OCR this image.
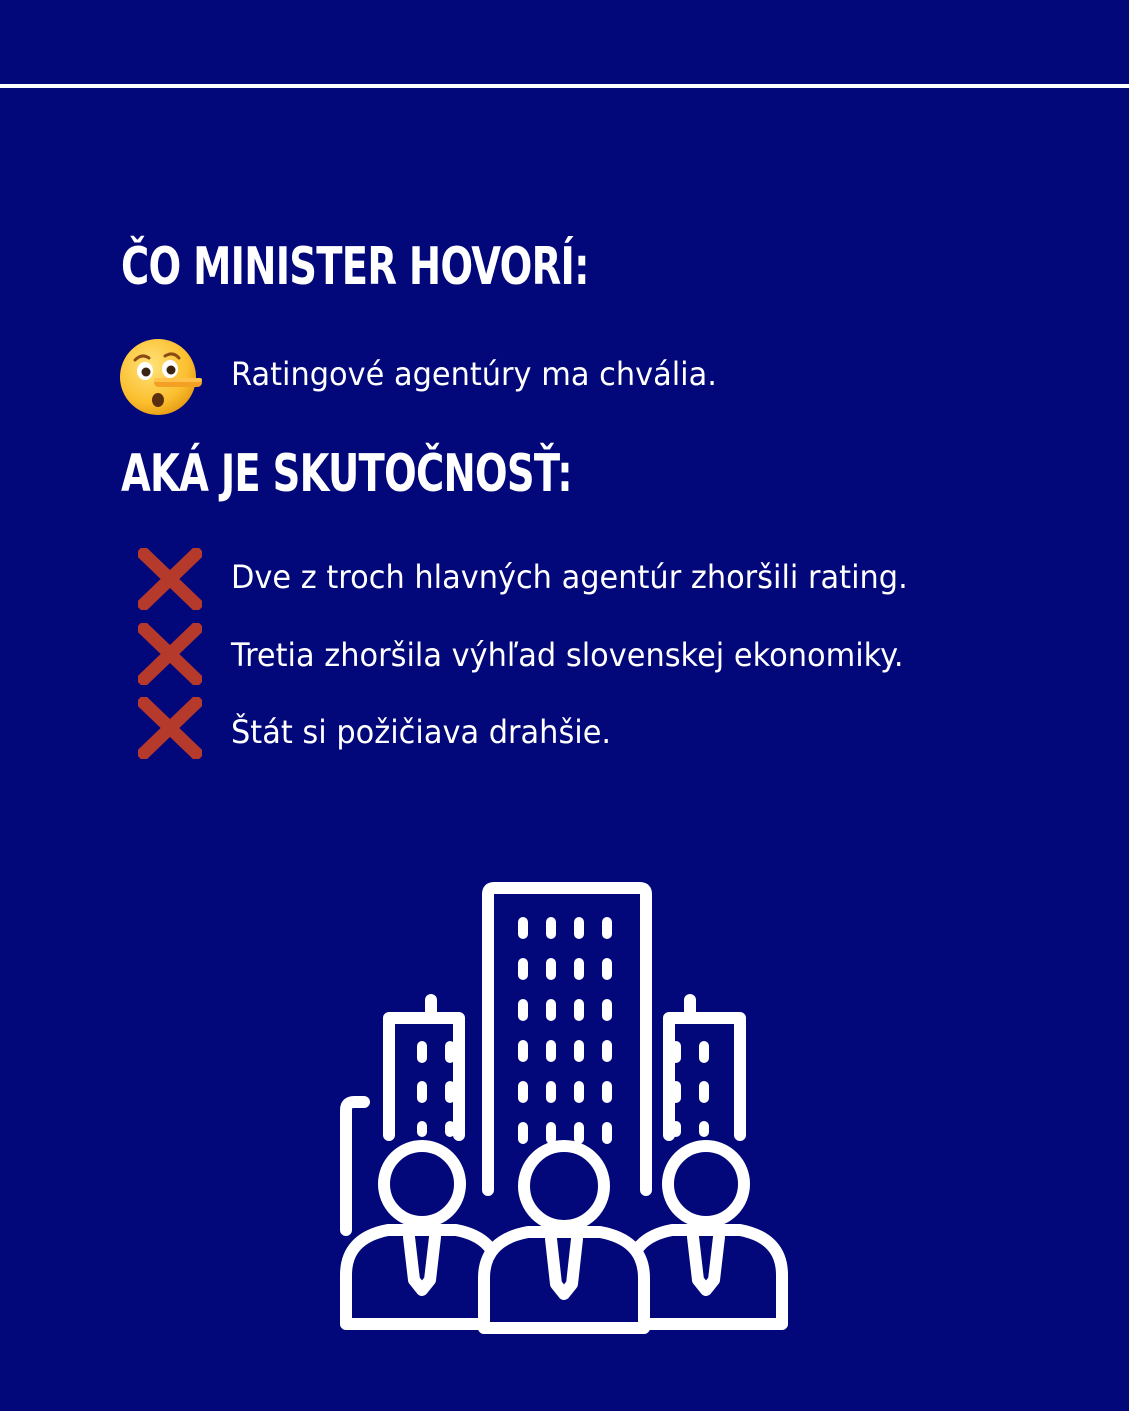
ČO MINISTER HOVORÍ:
Ratingové agentúry ma chvália.
AKÁ JE SKUTOČNOSŤ:
Dve z troch hlavných agentúr zhoršili rating.
Tretia zhoršila výhľad slovenskej ekonomiky.
Štát si požičiava drahšie.
